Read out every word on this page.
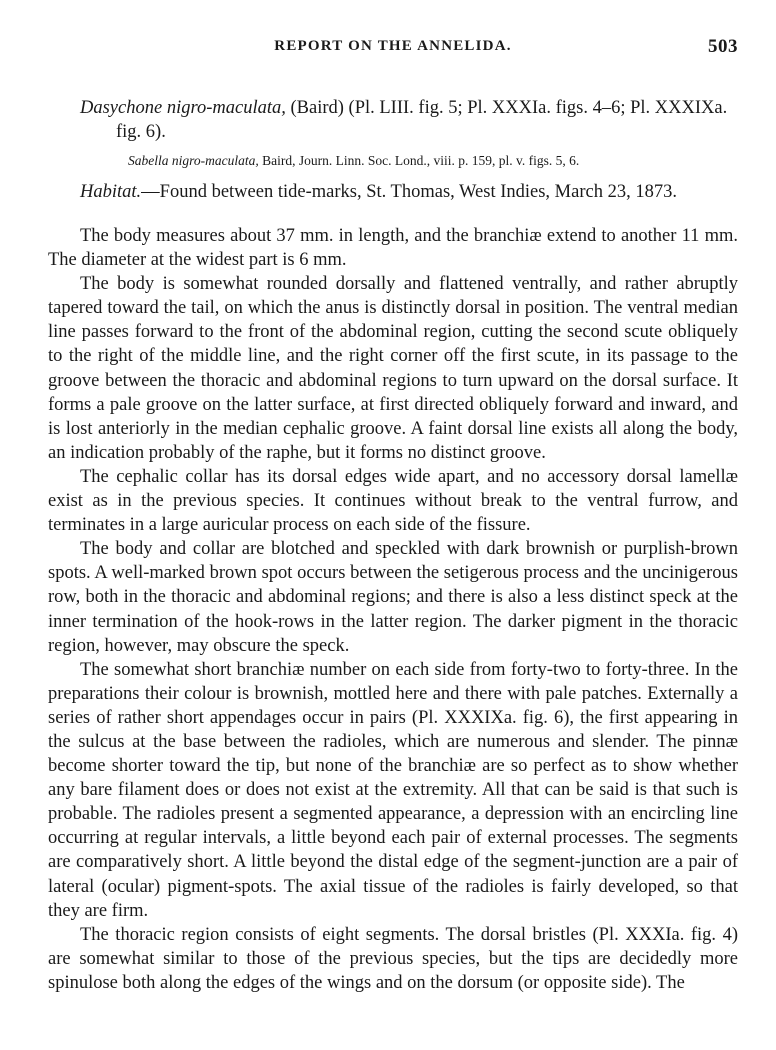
REPORT ON THE ANNELIDA.	503

Dasychone nigro-maculata, (Baird) (Pl. LIII. fig. 5; Pl. XXXIa. figs. 4–6; Pl. XXXIXa. fig. 6).

Sabella nigro-maculata, Baird, Journ. Linn. Soc. Lond., viii. p. 159, pl. v. figs. 5, 6.

Habitat.—Found between tide-marks, St. Thomas, West Indies, March 23, 1873.

The body measures about 37 mm. in length, and the branchiæ extend to another 11 mm. The diameter at the widest part is 6 mm.

The body is somewhat rounded dorsally and flattened ventrally, and rather abruptly tapered toward the tail, on which the anus is distinctly dorsal in position. The ventral median line passes forward to the front of the abdominal region, cutting the second scute obliquely to the right of the middle line, and the right corner off the first scute, in its passage to the groove between the thoracic and abdominal regions to turn upward on the dorsal surface. It forms a pale groove on the latter surface, at first directed obliquely forward and inward, and is lost anteriorly in the median cephalic groove. A faint dorsal line exists all along the body, an indication probably of the raphe, but it forms no distinct groove.

The cephalic collar has its dorsal edges wide apart, and no accessory dorsal lamellæ exist as in the previous species. It continues without break to the ventral furrow, and terminates in a large auricular process on each side of the fissure.

The body and collar are blotched and speckled with dark brownish or purplish-brown spots. A well-marked brown spot occurs between the setigerous process and the uncinigerous row, both in the thoracic and abdominal regions; and there is also a less distinct speck at the inner termination of the hook-rows in the latter region. The darker pigment in the thoracic region, however, may obscure the speck.

The somewhat short branchiæ number on each side from forty-two to forty-three. In the preparations their colour is brownish, mottled here and there with pale patches. Externally a series of rather short appendages occur in pairs (Pl. XXXIXa. fig. 6), the first appearing in the sulcus at the base between the radioles, which are numerous and slender. The pinnæ become shorter toward the tip, but none of the branchiæ are so perfect as to show whether any bare filament does or does not exist at the extremity. All that can be said is that such is probable. The radioles present a segmented appearance, a depression with an encircling line occurring at regular intervals, a little beyond each pair of external processes. The segments are comparatively short. A little beyond the distal edge of the segment-junction are a pair of lateral (ocular) pigment-spots. The axial tissue of the radioles is fairly developed, so that they are firm.

The thoracic region consists of eight segments. The dorsal bristles (Pl. XXXIa. fig. 4) are somewhat similar to those of the previous species, but the tips are decidedly more spinulose both along the edges of the wings and on the dorsum (or opposite side). The
